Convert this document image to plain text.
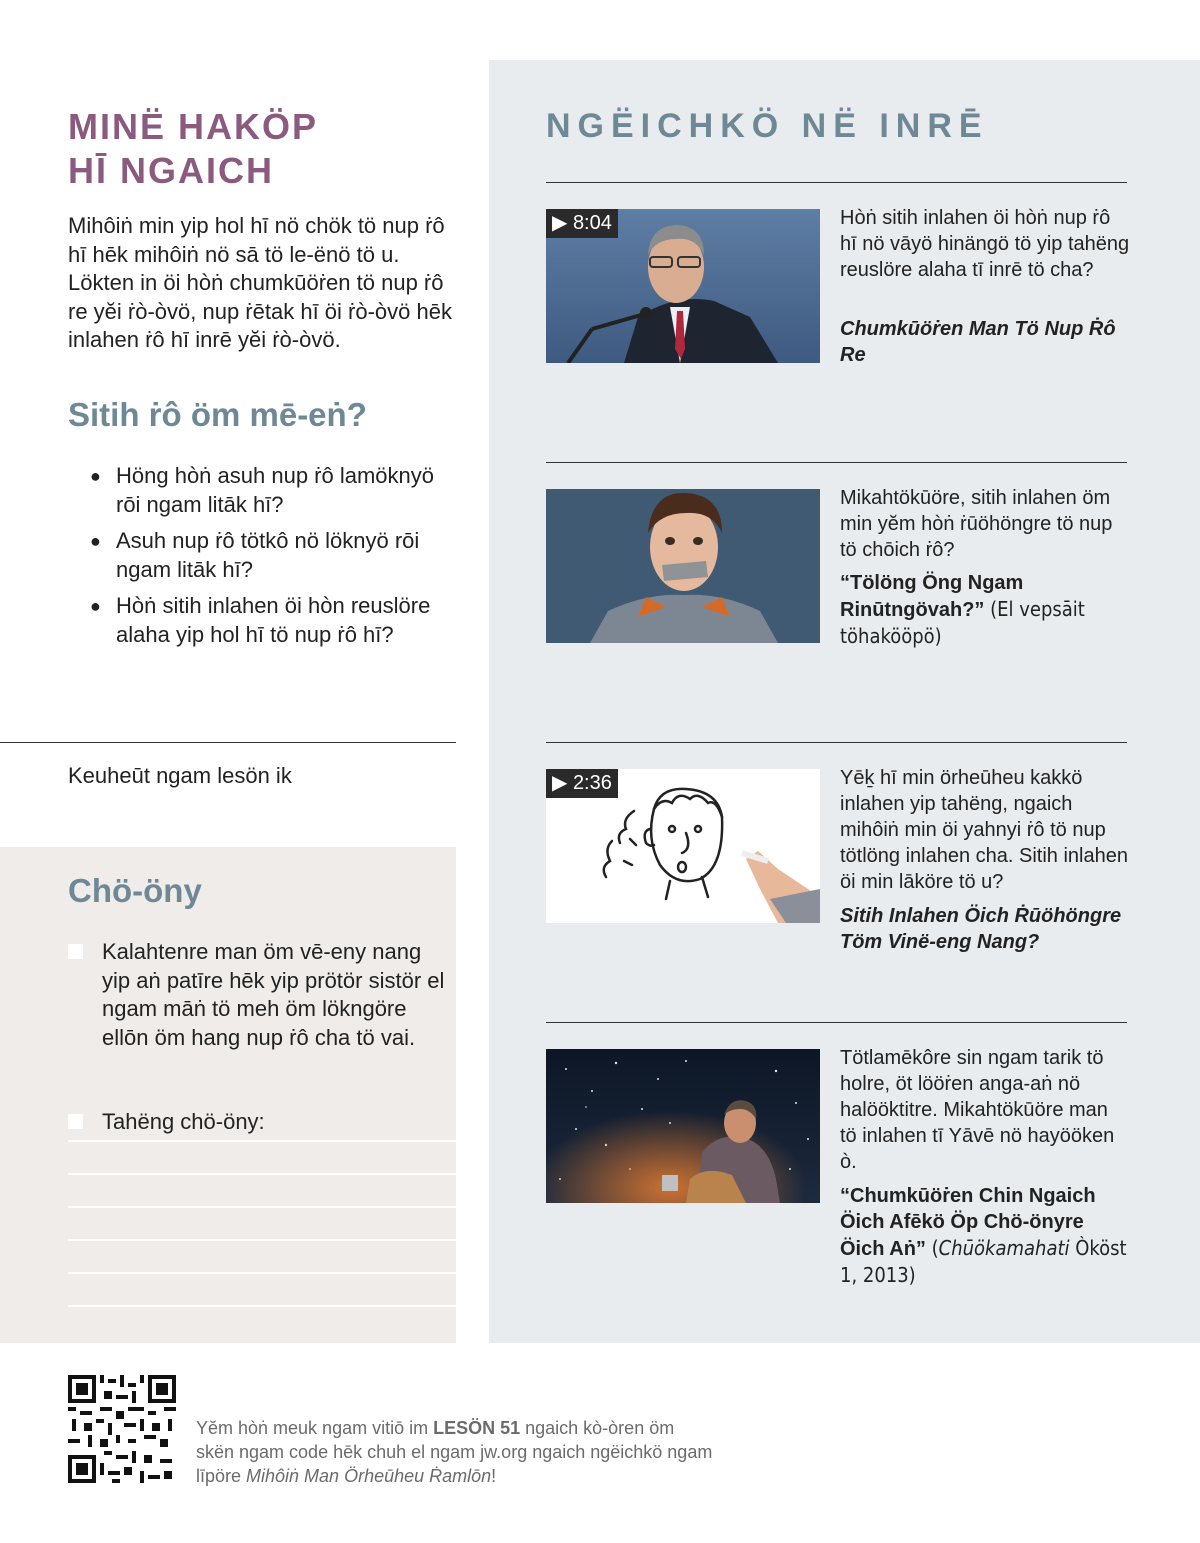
MINË HAKÖP
HĪ NGAICH

Mihôiṅ min yip hol hī nö chök tö nup ṙô hī hēk mihôiṅ nö sā tö le-ënö tö u. Lökten in öi hòṅ chumkūöṙen tö nup ṙô re yĕi ṙò-òvö, nup ṙētak hī öi ṙò-òvö hēk inlahen ṙô hī inrē yĕi ṙò-òvö.

Sitih ṙô öm mē-eṅ?
● Höng hòṅ asuh nup ṙô lamöknyö rōi ngam litāk hī?
● Asuh nup ṙô tötkô nö löknyö rōi ngam litāk hī?
● Hòṅ sitih inlahen öi hòn reuslöre alaha yip hol hī tö nup ṙô hī?

Keuheūt ngam lesön ik

Chö-öny
Kalahtenre man öm vē-eny nang yip aṅ patīre hēk yip prötör sistör el ngam māṅ tö meh öm lökngöre ellōn öm hang nup ṙô cha tö vai.
Tahëng chö-öny:
NGËICHKÖ NË INRĒ
▶ 8:04	Hòṅ sitih inlahen öi hòṅ nup ṙô hī nö vāyö hinängö tö yip tahëng reuslöre alaha tī inrē tö cha?

Chumkūöṙen Man Tö Nup Ṙô Re

Mikahtökūöre, sitih inlahen öm min yĕm hòṅ ṙūöhöngre tö nup tö chōich ṙô?

“Tölöng Öng Ngam Rinūtngövah?” (El vepsāit töhakööpö)

▶ 2:36	Yēḵ hī min örheūheu kakkö inlahen yip tahëng, ngaich mihôiṅ min öi yahnyi ṙô tö nup tötlöng inlahen cha. Sitih inlahen öi min lāköre tö u?

Sitih Inlahen Öich Ṙūöhöngre Töm Vinë-eng Nang?

Tötlamēkôre sin ngam tarik tö holre, öt lööṙen anga-aṅ nö halööktitre. Mikahtökūöre man tö inlahen tī Yāvē nö hayööken ò.

“Chumkūöṙen Chin Ngaich Öich Afēkö Öp Chö-önyre Öich Aṅ” (Chūökamahati Òköst 1, 2013)

Yĕm hòṅ meuk ngam vitiō im LESÖN 51 ngaich kò-òren öm skën ngam code hēk chuh el ngam jw.org ngaich ngëichkö ngam līpöre Mihôiṅ Man Örheūheu Ṙamlōn!
